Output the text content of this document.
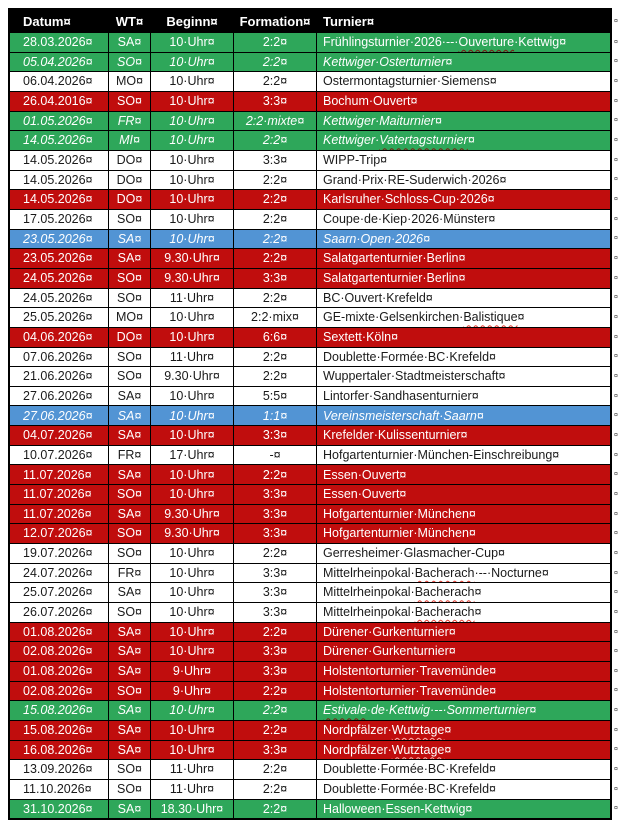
Datum¤	WT¤	Beginn¤	Formation¤ Turnier¤
28.03.2026¤	SA¤	10·Uhr¤	2:2¤	Frühlingsturnier·2026·--· Ouverture ·Kettwig¤
05.04.2026¤	SO¤	10·Uhr¤	2:2¤	Kettwiger·Osterturnier¤
06.04.2026¤	MO¤	10·Uhr¤	2:2¤	Ostermontagsturnier·Siemens¤
26.04.2016¤	SO¤	10·Uhr¤	3:3¤	Bochum·Ouvert¤
01.05.2026¤	FR¤	10·Uhr¤	2:2·mixte¤	Kettwiger·Maiturnier¤
14.05.2026¤	MI¤	10·Uhr¤	2:2¤	Kettwiger· Vatertagsturnier ¤
14.05.2026¤	DO¤	10·Uhr¤	3:3¤	WIPP-Trip¤
14.05.2026¤	DO¤	10·Uhr¤	2:2¤	Grand·Prix·RE-Suderwich·2026¤
14.05.2026¤	DO¤	10·Uhr¤	2:2¤	Karlsruher·Schloss-Cup·2026¤
17.05.2026¤	SO¤	10·Uhr¤	2:2¤	Coupe·de·Kiep·2026·Münster¤
23.05.2026¤	SA¤	10·Uhr¤	2:2¤	Saarn·Open·2026¤
23.05.2026¤	SA¤	9.30·Uhr¤	2:2¤	Salatgartenturnier·Berlin¤
24.05.2026¤	SO¤	9.30·Uhr¤	3:3¤	Salatgartenturnier·Berlin¤
24.05.2026¤	SO¤	11·Uhr¤	2:2¤	BC·Ouvert·Krefeld¤
25.05.2026¤	MO¤	10·Uhr¤	2:2·mix¤	GE-mixte·Gelsenkirchen· Balistique ¤
04.06.2026¤	DO¤	10·Uhr¤	6:6¤	Sextett·Köln¤
07.06.2026¤	SO¤	11·Uhr¤	2:2¤	Doublette·Formée·BC·Krefeld¤
21.06.2026¤	SO¤	9.30·Uhr¤	2:2¤	Wuppertaler·Stadtmeisterschaft¤
27.06.2026¤	SA¤	10·Uhr¤	5:5¤	Lintorfer·Sandhasenturnier¤
27.06.2026¤	SA¤	10·Uhr¤	1:1¤	Vereinsmeisterschaft·Saarn¤
04.07.2026¤	SA¤	10·Uhr¤	3:3¤	Krefelder·Kulissenturnier¤
10.07.2026¤	FR¤	17·Uhr¤	-¤	Hofgartenturnier·München-Einschreibung¤
11.07.2026¤	SA¤	10·Uhr¤	2:2¤	Essen·Ouvert¤
11.07.2026¤	SO¤	10·Uhr¤	3:3¤	Essen·Ouvert¤
11.07.2026¤	SA¤	9.30·Uhr¤	3:3¤	Hofgartenturnier·München¤
12.07.2026¤	SO¤	9.30·Uhr¤	3:3¤	Hofgartenturnier·München¤
19.07.2026¤	SO¤	10·Uhr¤	2:2¤	Gerresheimer·Glasmacher-Cup¤
24.07.2026¤	FR¤	10·Uhr¤	3:3¤	Mittelrheinpokal· Bacherach ·--·Nocturne¤
25.07.2026¤	SA¤	10·Uhr¤	3:3¤	Mittelrheinpokal· Bacherach ¤
26.07.2026¤	SO¤	10·Uhr¤	3:3¤	Mittelrheinpokal· Bacherach ¤
01.08.2026¤	SA¤	10·Uhr¤	2:2¤	Dürener·Gurkenturnier¤
02.08.2026¤	SA¤	10·Uhr¤	3:3¤	Dürener·Gurkenturnier¤
01.08.2026¤	SA¤	9·Uhr¤	3:3¤	Holstentorturnier·Travemünde¤
02.08.2026¤	SO¤	9·Uhr¤	2:2¤	Holstentorturnier·Travemünde¤
15.08.2026¤	SA¤	10·Uhr¤	2:2¤	Estivale ·de·Kettwig·--·Sommerturnier¤
15.08.2026¤	SA¤	10·Uhr¤	2:2¤	Nordpfälzer· Wutztage ¤
16.08.2026¤	SA¤	10·Uhr¤	3:3¤	Nordpfälzer· Wutztage ¤
13.09.2026¤	SO¤	11·Uhr¤	2:2¤	Doublette·Formée·BC·Krefeld¤
11.10.2026¤	SO¤	11·Uhr¤	2:2¤	Doublette·Formée·BC·Krefeld¤
31.10.2026¤	SA¤	18.30·Uhr¤	2:2¤	Halloween·Essen-Kettwig¤
¤
¤
¤
¤
¤
¤
¤
¤
¤
¤
¤
¤
¤
¤
¤
¤
¤
¤
¤
¤
¤
¤
¤
¤
¤
¤
¤
¤
¤
¤
¤
¤
¤
¤
¤
¤
¤
¤
¤
¤
¤
